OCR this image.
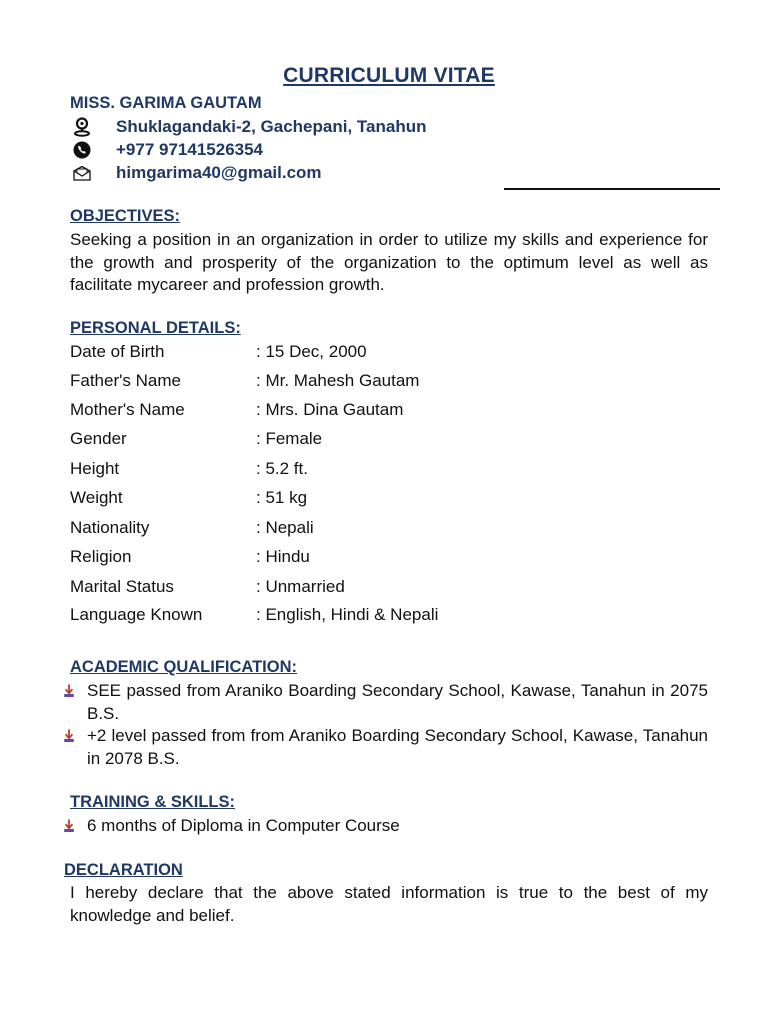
CURRICULUM VITAE
MISS. GARIMA GAUTAM
Shuklagandaki-2, Gachepani, Tanahun
+977 97141526354
himgarima40@gmail.com
OBJECTIVES:
Seeking a position in an organization in order to utilize my skills and experience for the growth and prosperity of the organization to the optimum level as well as facilitate mycareer and profession growth.
PERSONAL DETAILS:
Date of Birth	: 15 Dec, 2000
Father's Name	: Mr. Mahesh Gautam
Mother's Name	: Mrs. Dina Gautam
Gender	: Female
Height	: 5.2 ft.
Weight	: 51 kg
Nationality	: Nepali
Religion	: Hindu
Marital Status	: Unmarried
Language Known	: English, Hindi & Nepali
ACADEMIC QUALIFICATION:
SEE passed from Araniko Boarding Secondary School, Kawase, Tanahun in 2075 B.S.
+2 level passed from from Araniko Boarding Secondary School, Kawase, Tanahun in 2078 B.S.
TRAINING & SKILLS:
6 months of Diploma in Computer Course
DECLARATION
I hereby declare that the above stated information is true to the best of my knowledge and belief.
